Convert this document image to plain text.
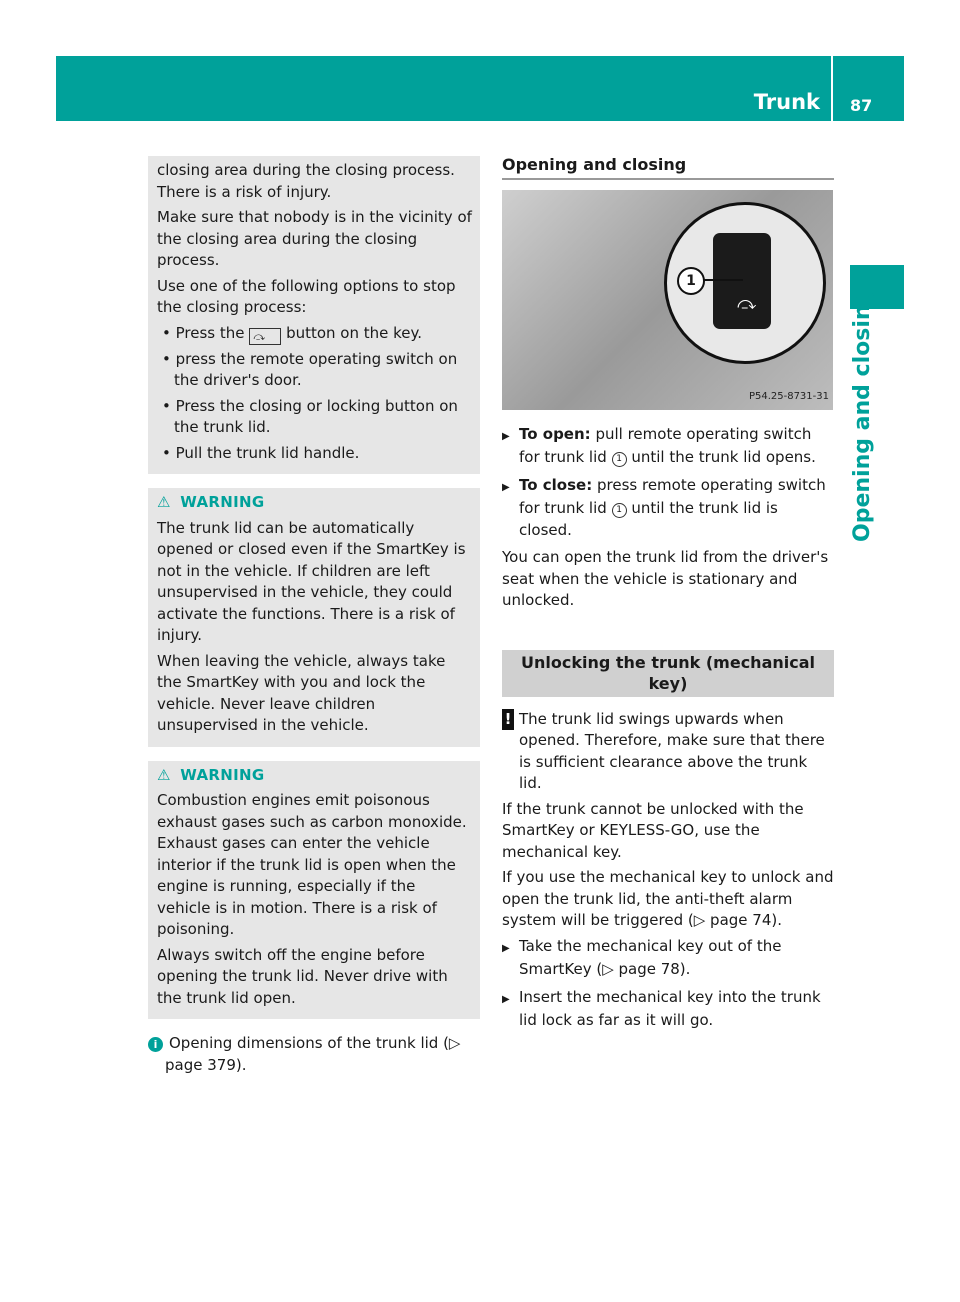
Trunk 87
Opening and closing

closing area during the closing process. There is a risk of injury.

Make sure that nobody is in the vicinity of the closing area during the closing process.

Use one of the following options to stop the closing process:

• Press the ⤼ button on the key.

• press the remote operating switch on the driver's door.

• Press the closing or locking button on the trunk lid.

• Pull the trunk lid handle.

⚠ WARNING

The trunk lid can be automatically opened or closed even if the SmartKey is not in the vehicle. If children are left unsupervised in the vehicle, they could activate the functions. There is a risk of injury.

When leaving the vehicle, always take the SmartKey with you and lock the vehicle. Never leave children unsupervised in the vehicle.

⚠ WARNING

Combustion engines emit poisonous exhaust gases such as carbon monoxide. Exhaust gases can enter the vehicle interior if the trunk lid is open when the engine is running, especially if the vehicle is in motion. There is a risk of poisoning.

Always switch off the engine before opening the trunk lid. Never drive with the trunk lid open.

i Opening dimensions of the trunk lid (▷ page 379).

Opening and closing
⤼
1
P54.25-8731-31

▶ To open: pull remote operating switch for trunk lid 1 until the trunk lid opens.

▶ To close: press remote operating switch for trunk lid 1 until the trunk lid is closed.

You can open the trunk lid from the driver's seat when the vehicle is stationary and unlocked.

Unlocking the trunk (mechanical key)

! The trunk lid swings upwards when opened. Therefore, make sure that there is sufficient clearance above the trunk lid.

If the trunk cannot be unlocked with the SmartKey or KEYLESS-GO, use the mechanical key.

If you use the mechanical key to unlock and open the trunk lid, the anti-theft alarm system will be triggered (▷ page 74).

▶ Take the mechanical key out of the SmartKey (▷ page 78).

▶ Insert the mechanical key into the trunk lid lock as far as it will go.
